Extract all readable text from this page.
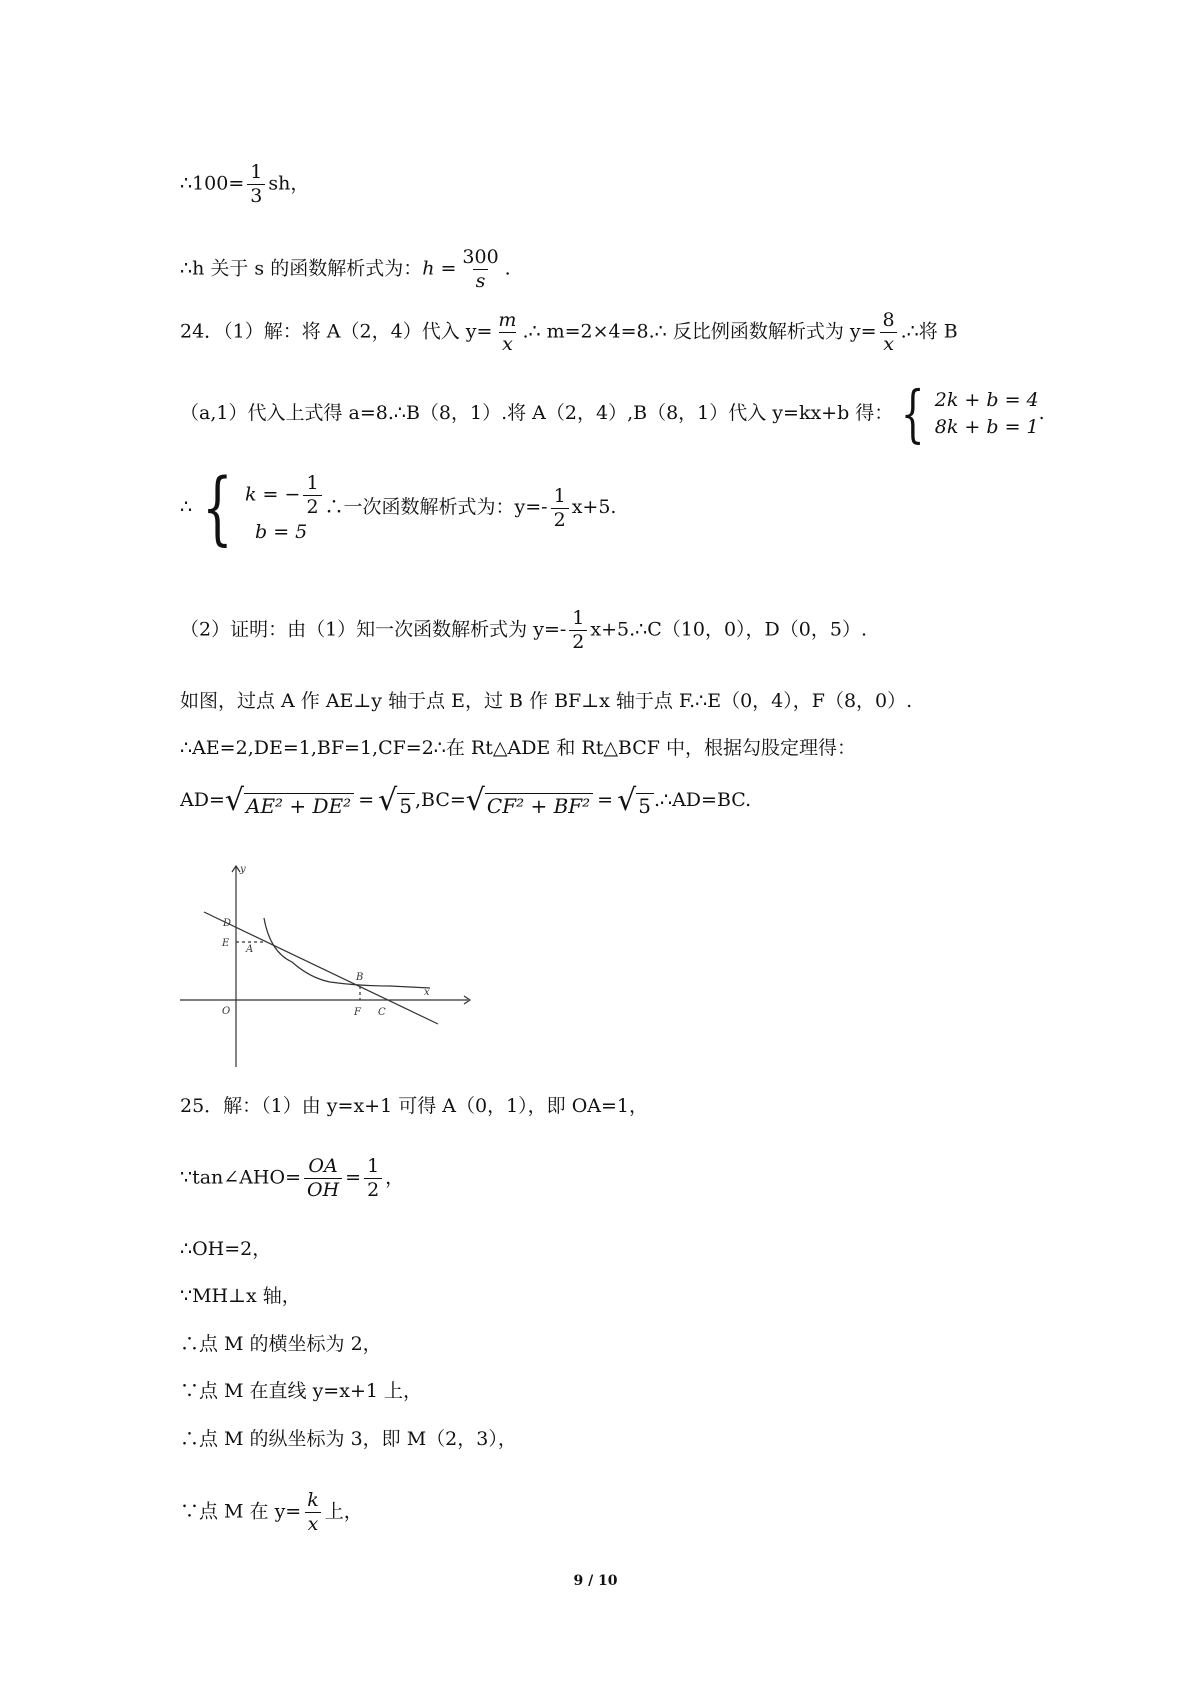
∴100= $\frac{1}{3}$ sh，
∴h 关于 s 的函数解析式为：$h = \frac{300}{s}$ .
24．（1）解：将 A（2，4）代入 $y= \frac{m}{x}$ .∴ m=2×4=8.∴ 反比例函数解析式为 $y= \frac{8}{x}$ .∴将 B
（a,1）代入上式得 a=8.∴B（8，1）.将 A（2，4）,B（8，1）代入 y=kx+b 得： { 2k + b = 4
8k + b = 1
.
∴ { k = − $\frac{1}{2}$
b = 5
∴一次函数解析式为：$y=- \frac{1}{2} x+5$.
（2）证明：由（1）知一次函数解析式为 $y=- \frac{1}{2}$ x+5.∴C（10，0），D（0，5）.
如图，过点 A 作 AE⊥y 轴于点 E，过 B 作 BF⊥x 轴于点 F.∴E（0，4），F（8，0）.
∴AE=2,DE=1,BF=1,CF=2∴在 Rt△ADE 和 Rt△BCF 中，根据勾股定理得：
AD= √ AE² + DE² = √ 5 ,BC= √ CF² + BF² = √ 5 .∴AD=BC.
y
x
D
E
A
B
O	F C
25．解：（1）由 y=x+1 可得 A（0，1），即 OA=1，
∵tan∠AHO= $\frac{OA}{OH} = \frac{1}{2}$ ，
∴OH=2，
∵MH⊥x 轴，
∴点 M 的横坐标为 2，
∵点 M 在直线 y=x+1 上，
∴点 M 的纵坐标为 3，即 M（2，3），
∵点 M 在 $y= \frac{k}{x}$ 上，
9 / 10
